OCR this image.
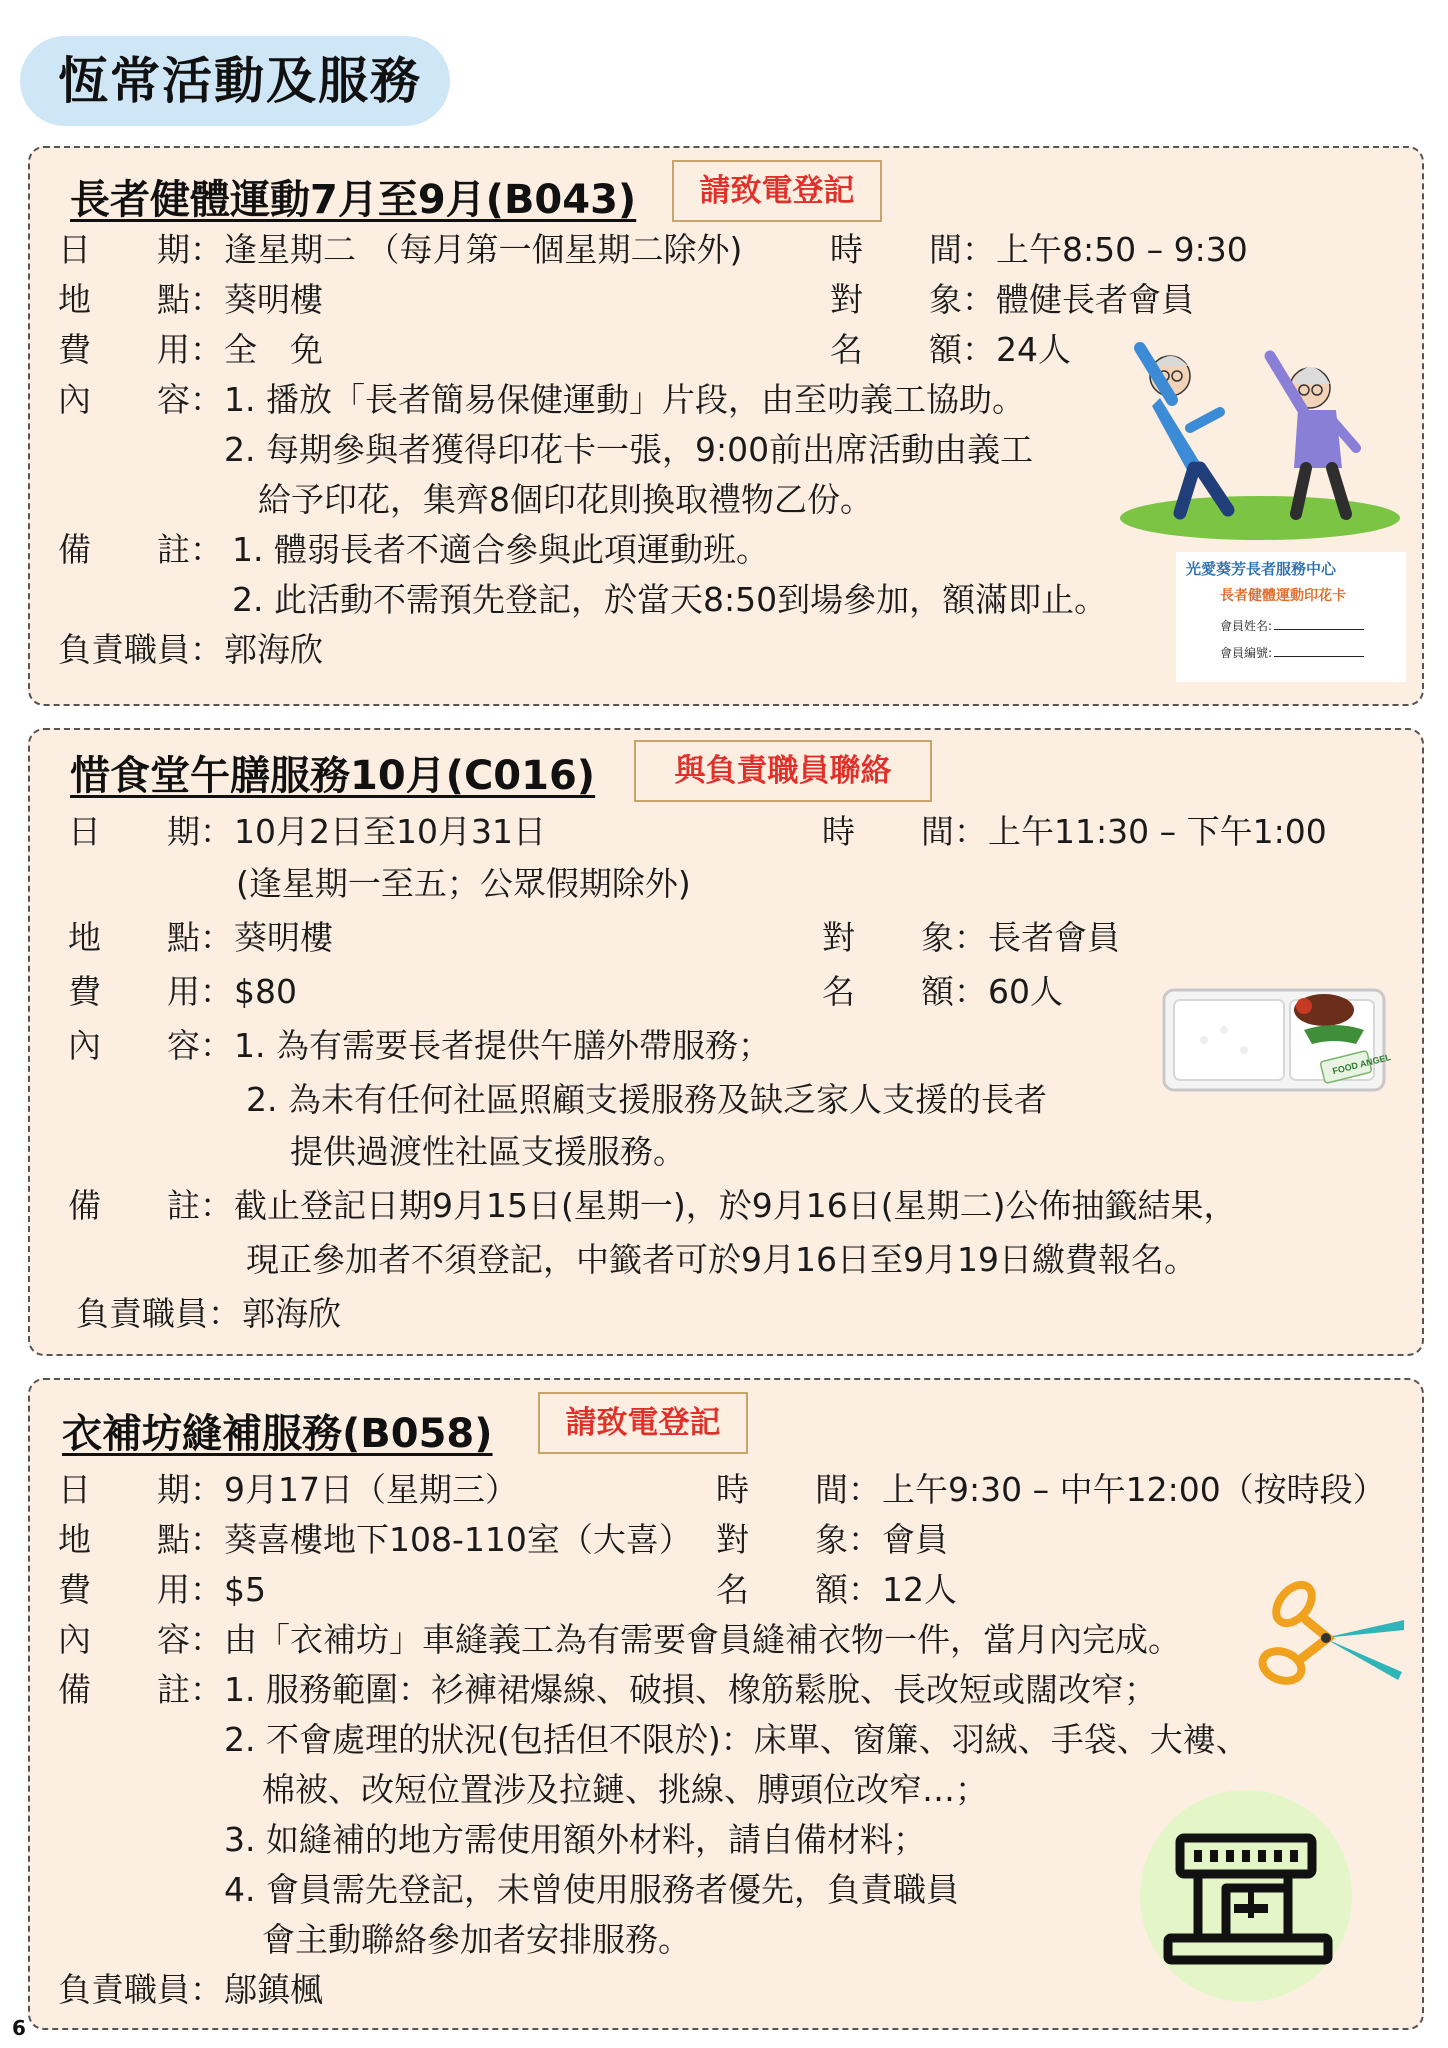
恆常活動及服務
長者健體運動7月至9月(B043)	請致電登記
日　　期： 逢星期二 （每月第一個星期二除外)	時　　間： 上午8:50 – 9:30
地　　點： 葵明樓	對　　象： 體健長者會員
費　　用： 全　免	名　　額： 24人
內　　容： 1. 播放「長者簡易保健運動」片段，由至叻義工協助。
2. 每期參與者獲得印花卡一張，9:00前出席活動由義工
給予印花，集齊8個印花則換取禮物乙份。
備　　註： 1. 體弱長者不適合參與此項運動班。
2. 此活動不需預先登記，於當天8:50到場參加，額滿即止。
負責職員： 郭海欣
光愛葵芳長者服務中心
長者健體運動印花卡
會員姓名:
會員編號:
惜食堂午膳服務10月(C016)	與負責職員聯絡
日　　期： 10月2日至10月31日
(逢星期一至五；公眾假期除外)
時　　間： 上午11:30 – 下午1:00
地　　點： 葵明樓	對　　象： 長者會員
費　　用： $80	名　　額： 60人
內　　容： 1. 為有需要長者提供午膳外帶服務；
2. 為未有任何社區照顧支援服務及缺乏家人支援的長者
提供過渡性社區支援服務。
備　　註： 截止登記日期9月15日(星期一)，於9月16日(星期二)公佈抽籤結果，
現正參加者不須登記，中籤者可於9月16日至9月19日繳費報名。
負責職員： 郭海欣
FOOD ANGEL
衣補坊縫補服務(B058)	請致電登記
日　　期： 9月17日（星期三）	時　　間： 上午9:30 – 中午12:00（按時段）
地　　點： 葵喜樓地下108-110室（大喜） 對　　象： 會員
費　　用： $5	名　　額： 12人
內　　容： 由「衣補坊」車縫義工為有需要會員縫補衣物一件，當月內完成。
備　　註： 1. 服務範圍：衫褲裙爆線、破損、橡筋鬆脫、長改短或闊改窄；
2. 不會處理的狀況(包括但不限於)：床單、窗簾、羽絨、手袋、大褸、
棉被、改短位置涉及拉鏈、挑線、膊頭位改窄…；
3. 如縫補的地方需使用額外材料，請自備材料；
4. 會員需先登記，未曾使用服務者優先，負責職員
會主動聯絡參加者安排服務。
負責職員： 鄔鎮楓
6
